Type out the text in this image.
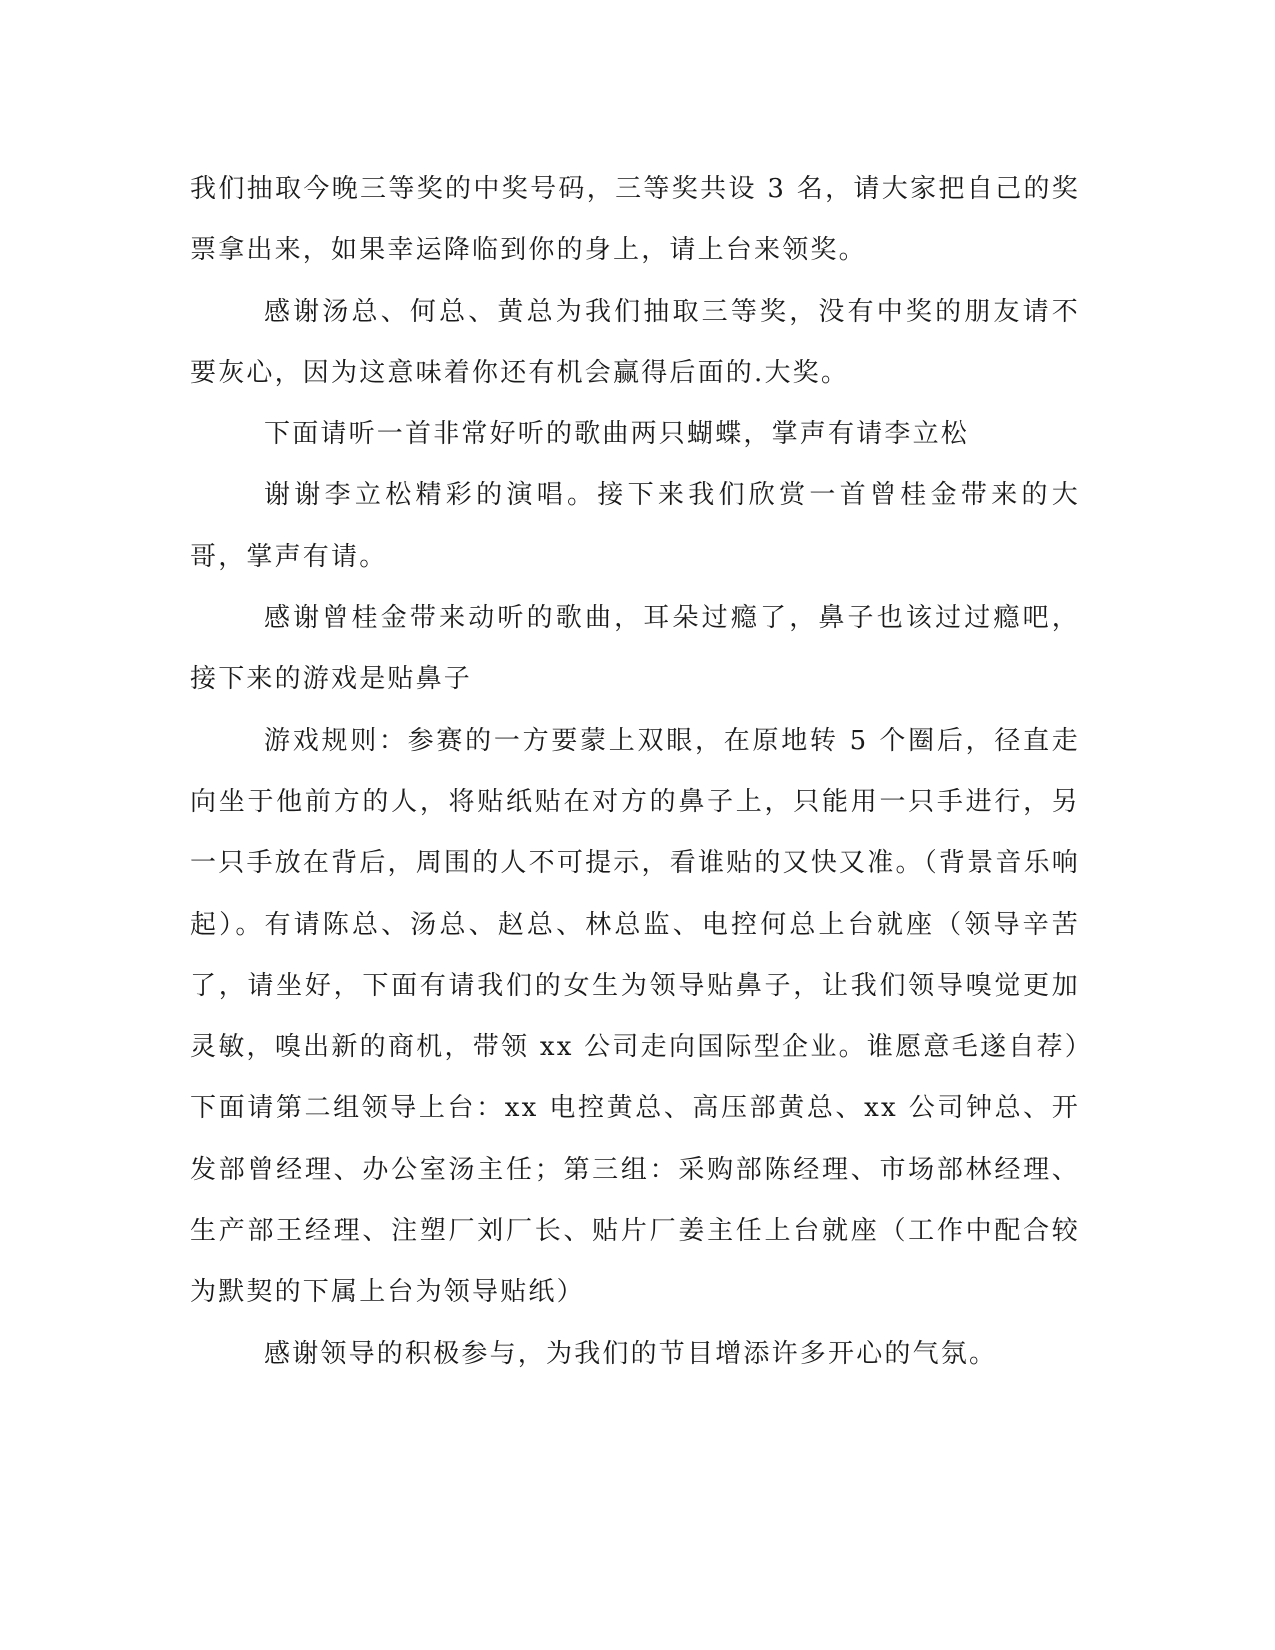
我们抽取今晚三等奖的中奖号码，三等奖共设 3 名，请大家把自己的奖票拿出来，如果幸运降临到你的身上，请上台来领奖。

感谢汤总、何总、黄总为我们抽取三等奖，没有中奖的朋友请不要灰心，因为这意味着你还有机会赢得后面的.大奖。

下面请听一首非常好听的歌曲两只蝴蝶，掌声有请李立松

谢谢李立松精彩的演唱。接下来我们欣赏一首曾桂金带来的大哥，掌声有请。

感谢曾桂金带来动听的歌曲，耳朵过瘾了，鼻子也该过过瘾吧，接下来的游戏是贴鼻子

游戏规则：参赛的一方要蒙上双眼，在原地转 5 个圈后，径直走向坐于他前方的人，将贴纸贴在对方的鼻子上，只能用一只手进行，另一只手放在背后，周围的人不可提示，看谁贴的又快又准。（背景音乐响起）。有请陈总、汤总、赵总、林总监、电控何总上台就座（领导辛苦了，请坐好，下面有请我们的女生为领导贴鼻子，让我们领导嗅觉更加灵敏，嗅出新的商机，带领 xx 公司走向国际型企业。谁愿意毛遂自荐）下面请第二组领导上台：xx 电控黄总、高压部黄总、xx 公司钟总、开发部曾经理、办公室汤主任；第三组：采购部陈经理、市场部林经理、生产部王经理、注塑厂刘厂长、贴片厂姜主任上台就座（工作中配合较为默契的下属上台为领导贴纸）

感谢领导的积极参与，为我们的节目增添许多开心的气氛。
